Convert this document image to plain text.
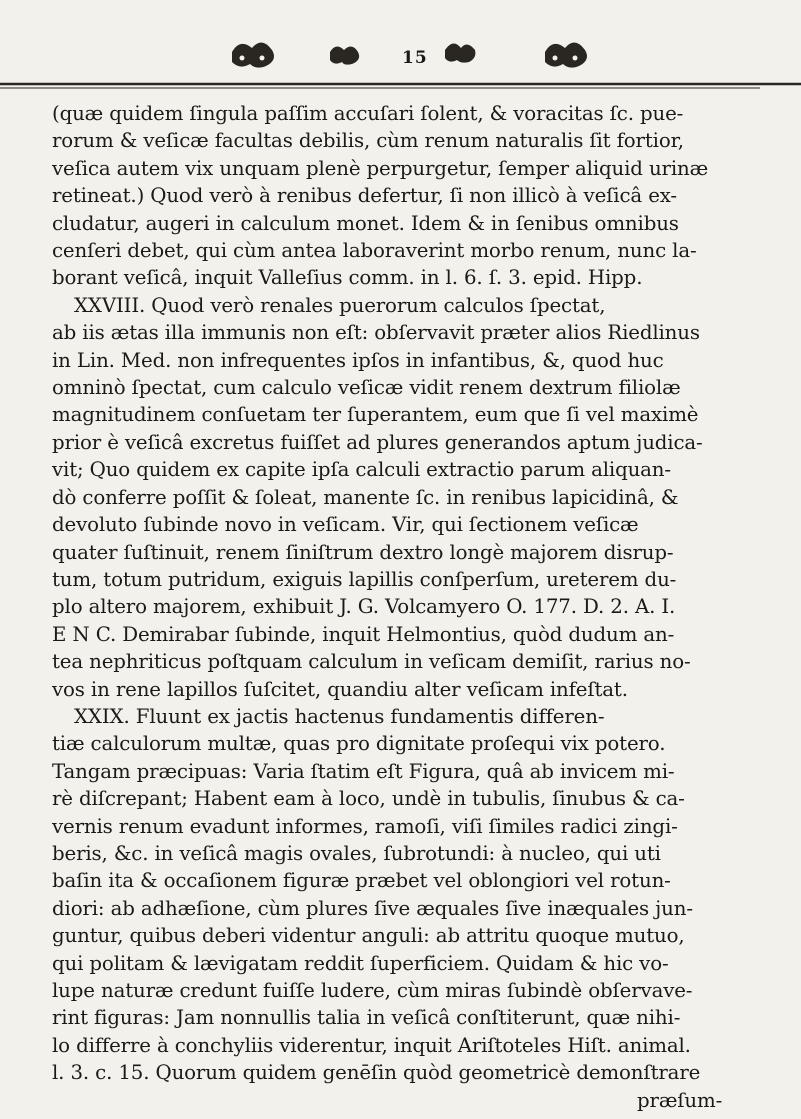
15
(quæ quidem ſingula paſſim accuſari ſolent, & voracitas ſc. pue-
rorum & veſicæ facultas debilis, cùm renum naturalis ſit fortior,
veſica autem vix unquam plenè perpurgetur, ſemper aliquid urinæ
retineat.) Quod verò à renibus defertur, ſi non illicò à veſicâ ex-
cludatur, augeri in calculum monet. Idem & in ſenibus omnibus
cenſeri debet, qui cùm antea laboraverint morbo renum, nunc la-
borant veſicâ, inquit Valleſius comm. in l. 6. ſ. 3. epid. Hipp.
XXVIII. Quod verò renales puerorum calculos ſpectat,
ab iis ætas illa immunis non eſt: obſervavit præter alios Riedlinus
in Lin. Med. non infrequentes ipſos in infantibus, &, quod huc
omninò ſpectat, cum calculo veſicæ vidit renem dextrum filiolæ
magnitudinem conſuetam ter ſuperantem, eum que ſi vel maximè
prior è veſicâ excretus fuiſſet ad plures generandos aptum judica-
vit; Quo quidem ex capite ipſa calculi extractio parum aliquan-
dò conferre poſſit & ſoleat, manente ſc. in renibus lapicidinâ, &
devoluto ſubinde novo in veſicam. Vir, qui ſectionem veſicæ
quater ſuſtinuit, renem ſiniſtrum dextro longè majorem disrup-
tum, totum putridum, exiguis lapillis conſperſum, ureterem du-
plo altero majorem, exhibuit J. G. Volcamyero O. 177. D. 2. A. I.
E N C. Demirabar ſubinde, inquit Helmontius, quòd dudum an-
tea nephriticus poſtquam calculum in veſicam demiſit, rarius no-
vos in rene lapillos ſuſcitet, quandiu alter veſicam infeſtat.
XXIX. Fluunt ex jactis hactenus fundamentis differen-
tiæ calculorum multæ, quas pro dignitate proſequi vix potero.
Tangam præcipuas: Varia ſtatim eſt Figura, quâ ab invicem mi-
rè diſcrepant; Habent eam à loco, undè in tubulis, ſinubus & ca-
vernis renum evadunt informes, ramoſi, viſi ſimiles radici zingi-
beris, &c. in veſicâ magis ovales, ſubrotundi: à nucleo, qui uti
baſin ita & occaſionem figuræ præbet vel oblongiori vel rotun-
diori: ab adhæſione, cùm plures ſive æquales ſive inæquales jun-
guntur, quibus deberi videntur anguli: ab attritu quoque mutuo,
qui politam & lævigatam reddit ſuperficiem. Quidam & hic vo-
lupe naturæ credunt fuiſſe ludere, cùm miras ſubindè obſervave-
rint figuras: Jam nonnullis talia in veſicâ conſtiterunt, quæ nihi-
lo differre à conchyliis viderentur, inquit Ariſtoteles Hiſt. animal.
l. 3. c. 15. Quorum quidem genēſin quòd geometricè demonſtrare
præſum-
